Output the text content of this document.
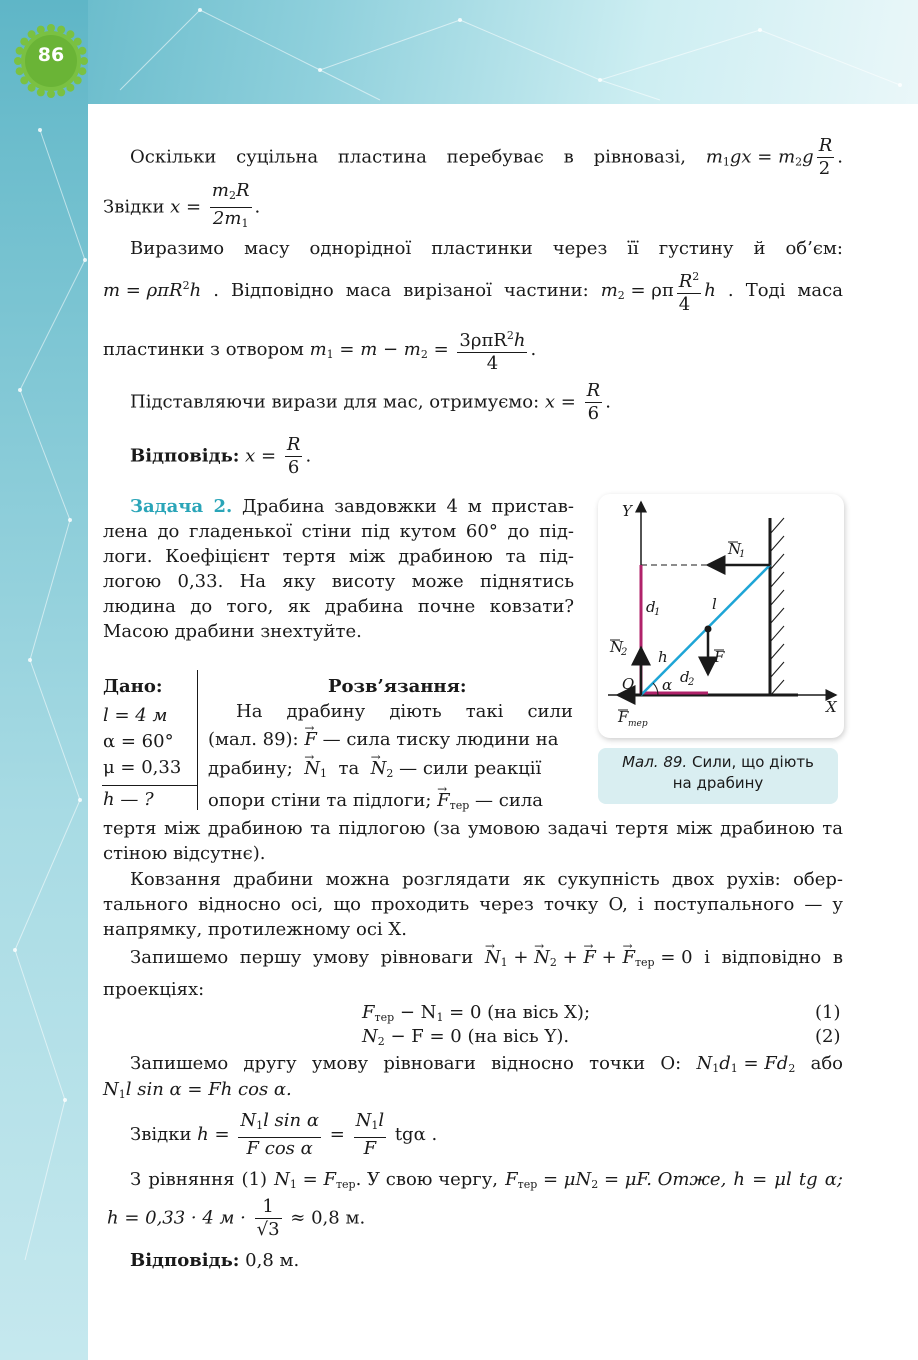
86
Оскільки суцільна пластина перебуває в рівновазі, $m_1gx = m_2g \frac{R}{2}$ .
Звідки $x = \frac{m_2R}{2m_1}$ .
Виразимо масу однорідної пластинки через її густину й об’єм:
m = ρπR$^2$h . Відповідно маса вирізаної частини: $m_2 = \rho\pi \frac{R^2}{4}$ h . Тоді маса
пластинки з отвором $m_1 = m - m_2 = \frac{3\rho\pi R^2h}{4}$ .
Підставляючи вирази для мас, отримуємо: $x = \frac{R}{6}$ .
Відповідь: $x = \frac{R}{6}$ .
Задача 2. Драбина завдовжки 4 м пристав-
лена до гладенької стіни під кутом 60° до під-
логи. Коефіцієнт тертя між драбиною та під-
логою 0,33. На яку висоту може піднятись
людина до того, як драбина почне ковзати?
Масою драбини знехтуйте.
Дано:
l = 4 м
α = 60°
μ = 0,33
h — ?
Розв’язання:
На драбину діють такі сили
(мал. 89): → F — сила тиску людини на
драбину; → $N_1$ та → $N_2$ — сили реакції
опори стіни та підлоги; → $F_{тер}$ — сила
тертя між драбиною та підлогою (за умовою задачі тертя між драбиною та
стіною відсутнє).
Ковзання драбини можна розглядати як сукупність двох рухів: обер-
тального відносно осі, що проходить через точку O, і поступального — у
напрямку, протилежному осі X.
Запишемо першу умову рівноваги → $N_1$ + → $N_2$ + → F + → $F_{тер} = 0$ і відповідно в
проекціях:
$F_{тер} - N_1 = 0$ (на вісь X);	(1)
$N_2 - F = 0$ (на вісь Y).	(2)
Запишемо другу умову рівноваги відносно точки O: $N_1d_1 = Fd_2$ або
$N_1l$ sin α = Fh cos α.
Звідки $h = \frac{N_1l \sin \alpha}{\text{F cos α}} = \frac{N_1l}{F}$ tgα .
З рівняння (1) $N_1 = F_{тер}$. У свою чергу, $F_{тер} = \mu N_2 = \mu F$. Отже, h = μl tg α;
h = 0,33 · 4 $м \cdot \frac{1}{√3} \approx 0,8$ м.
Відповідь: 0,8 м.
Y
X
O
N
1
N
2
d
1
d
2
l
h	F
α
F тер
Мал. 89. Сили, що діють
на драбину
